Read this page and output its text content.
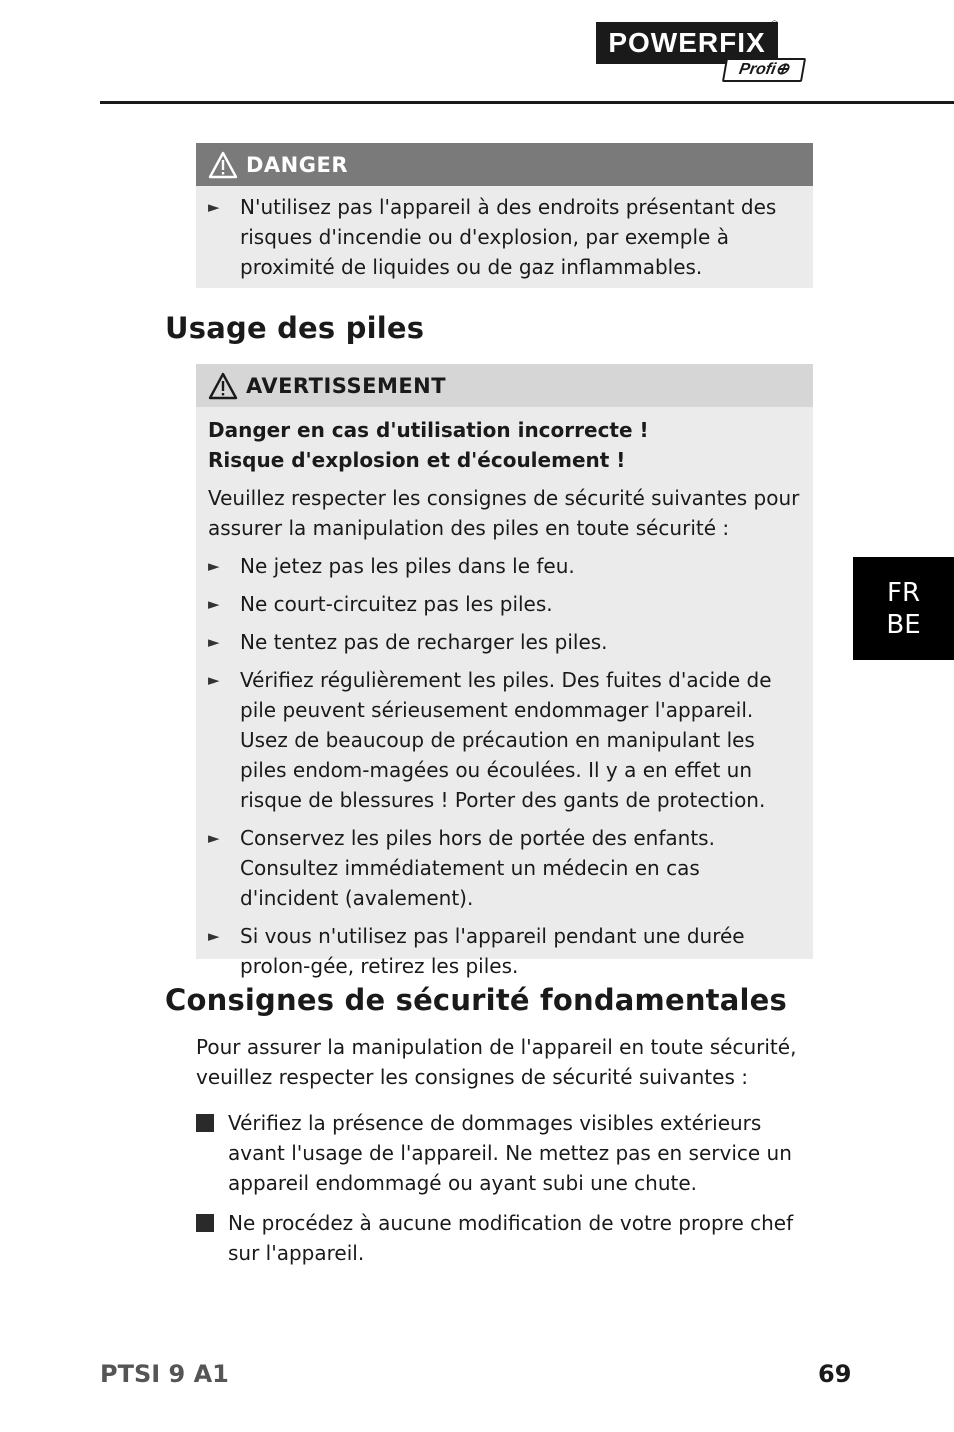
POWERFIX
®
Profi⊕
DANGER
►	N'utilisez pas l'appareil à des endroits présentant des risques d'incendie ou d'explosion, par exemple à proximité de liquides ou de gaz inflammables.
Usage des piles
AVERTISSEMENT

Danger en cas d'utilisation incorrecte !

Risque d'explosion et d'écoulement !

Veuillez respecter les consignes de sécurité suivantes pour assurer la manipulation des piles en toute sécurité :

►	Ne jetez pas les piles dans le feu.
►	Ne court-circuitez pas les piles.
►	Ne tentez pas de recharger les piles.
►	Vérifiez régulièrement les piles. Des fuites d'acide de pile peuvent sérieusement endommager l'appareil. Usez de beaucoup de précaution en manipulant les piles endom-magées ou écoulées. Il y a en effet un risque de blessures ! Porter des gants de protection.
►	Conservez les piles hors de portée des enfants. Consultez immédiatement un médecin en cas d'incident (avalement).
►	Si vous n'utilisez pas l'appareil pendant une durée prolon-gée, retirez les piles.
Consignes de sécurité fondamentales

Pour assurer la manipulation de l'appareil en toute sécurité, veuillez respecter les consignes de sécurité suivantes :

Vérifiez la présence de dommages visibles extérieurs avant l'usage de l'appareil. Ne mettez pas en service un appareil endommagé ou ayant subi une chute.
Ne procédez à aucune modification de votre propre chef sur l'appareil.
FR
BE
PTSI 9 A1	69
